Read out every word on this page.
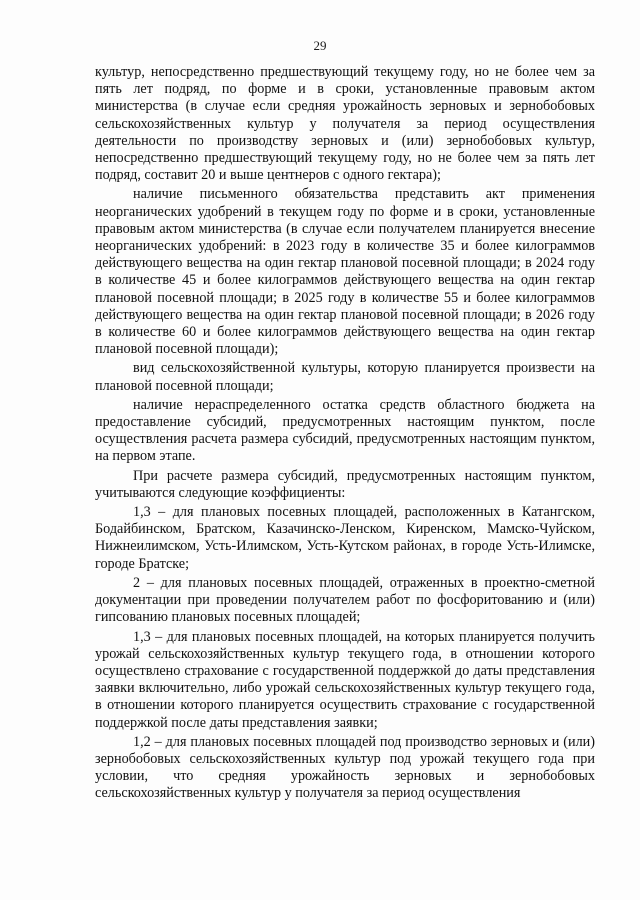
29

культур, непосредственно предшествующий текущему году, но не более чем за пять лет подряд, по форме и в сроки, установленные правовым актом министерства (в случае если средняя урожайность зерновых и зернобобовых сельскохозяйственных культур у получателя за период осуществления деятельности по производству зерновых и (или) зернобобовых культур, непосредственно предшествующий текущему году, но не более чем за пять лет подряд, составит 20 и выше центнеров с одного гектара);

наличие письменного обязательства представить акт применения неорганических удобрений в текущем году по форме и в сроки, установленные правовым актом министерства (в случае если получателем планируется внесение неорганических удобрений: в 2023 году в количестве 35 и более килограммов действующего вещества на один гектар плановой посевной площади; в 2024 году в количестве 45 и более килограммов действующего вещества на один гектар плановой посевной площади; в 2025 году в количестве 55 и более килограммов действующего вещества на один гектар плановой посевной площади; в 2026 году в количестве 60 и более килограммов действующего вещества на один гектар плановой посевной площади);

вид сельскохозяйственной культуры, которую планируется произвести на плановой посевной площади;

наличие нераспределенного остатка средств областного бюджета на предоставление субсидий, предусмотренных настоящим пунктом, после осуществления расчета размера субсидий, предусмотренных настоящим пунктом, на первом этапе.

При расчете размера субсидий, предусмотренных настоящим пунктом, учитываются следующие коэффициенты:

1,3 – для плановых посевных площадей, расположенных в Катангском, Бодайбинском, Братском, Казачинско-Ленском, Киренском, Мамско-Чуйском, Нижнеилимском, Усть-Илимском, Усть-Кутском районах, в городе Усть-Илимске, городе Братске;

2 – для плановых посевных площадей, отраженных в проектно-сметной документации при проведении получателем работ по фосфоритованию и (или) гипсованию плановых посевных площадей;

1,3 – для плановых посевных площадей, на которых планируется получить урожай сельскохозяйственных культур текущего года, в отношении которого осуществлено страхование с государственной поддержкой до даты представления заявки включительно, либо урожай сельскохозяйственных культур текущего года, в отношении которого планируется осуществить страхование с государственной поддержкой после даты представления заявки;

1,2 – для плановых посевных площадей под производство зерновых и (или) зернобобовых сельскохозяйственных культур под урожай текущего года при условии, что средняя урожайность зерновых и зернобобовых сельскохозяйственных культур у получателя за период осуществления
